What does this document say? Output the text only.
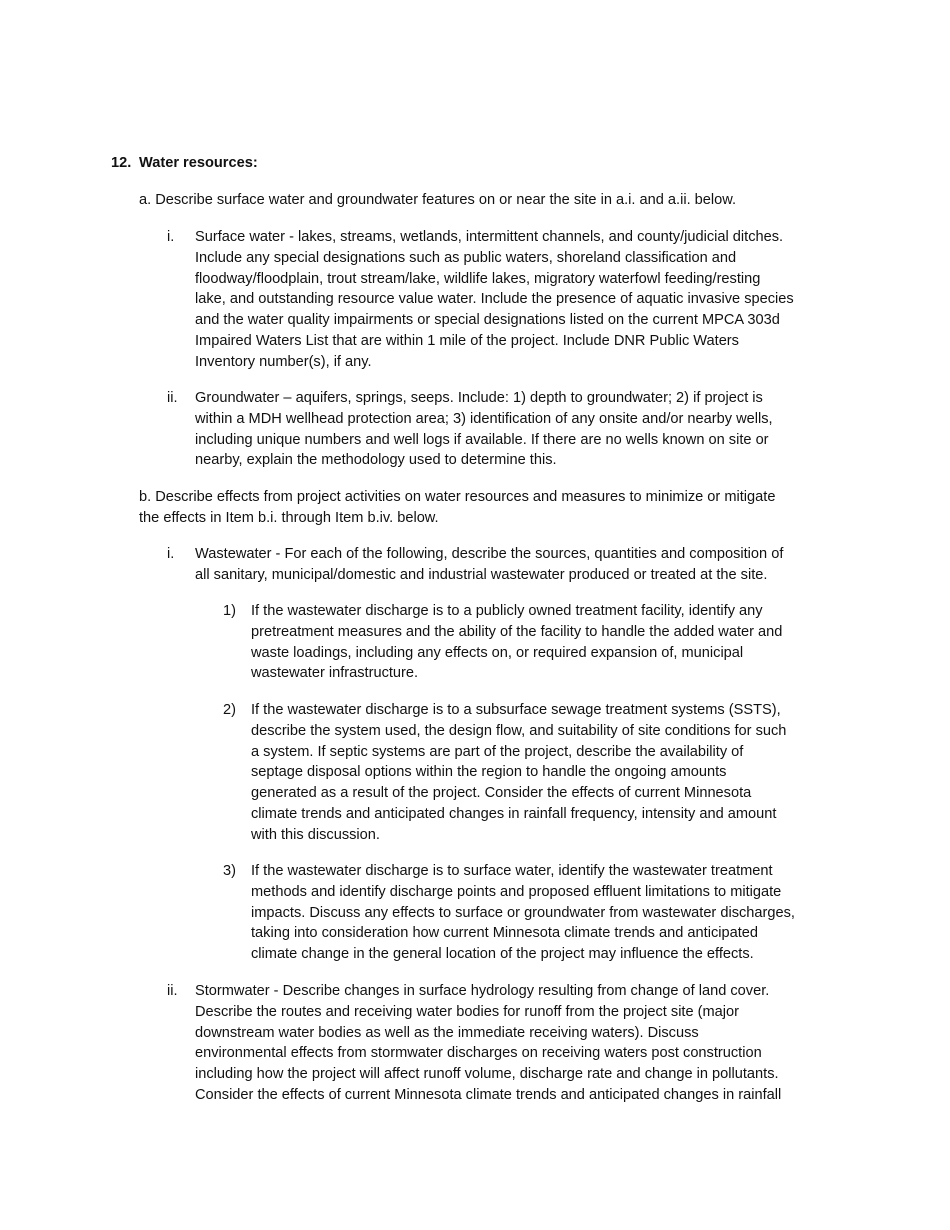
12. Water resources:
a. Describe surface water and groundwater features on or near the site in a.i. and a.ii. below.
i. Surface water - lakes, streams, wetlands, intermittent channels, and county/judicial ditches.
Include any special designations such as public waters, shoreland classification and
floodway/floodplain, trout stream/lake, wildlife lakes, migratory waterfowl feeding/resting
lake, and outstanding resource value water. Include the presence of aquatic invasive species
and the water quality impairments or special designations listed on the current MPCA 303d
Impaired Waters List that are within 1 mile of the project. Include DNR Public Waters
Inventory number(s), if any.
ii. Groundwater – aquifers, springs, seeps. Include: 1) depth to groundwater; 2) if project is
within a MDH wellhead protection area; 3) identification of any onsite and/or nearby wells,
including unique numbers and well logs if available. If there are no wells known on site or
nearby, explain the methodology used to determine this.
b. Describe effects from project activities on water resources and measures to minimize or mitigate
the effects in Item b.i. through Item b.iv. below.
i. Wastewater - For each of the following, describe the sources, quantities and composition of
all sanitary, municipal/domestic and industrial wastewater produced or treated at the site.
1) If the wastewater discharge is to a publicly owned treatment facility, identify any
pretreatment measures and the ability of the facility to handle the added water and
waste loadings, including any effects on, or required expansion of, municipal
wastewater infrastructure.
2) If the wastewater discharge is to a subsurface sewage treatment systems (SSTS),
describe the system used, the design flow, and suitability of site conditions for such
a system. If septic systems are part of the project, describe the availability of
septage disposal options within the region to handle the ongoing amounts
generated as a result of the project. Consider the effects of current Minnesota
climate trends and anticipated changes in rainfall frequency, intensity and amount
with this discussion.
3) If the wastewater discharge is to surface water, identify the wastewater treatment
methods and identify discharge points and proposed effluent limitations to mitigate
impacts. Discuss any effects to surface or groundwater from wastewater discharges,
taking into consideration how current Minnesota climate trends and anticipated
climate change in the general location of the project may influence the effects.
ii. Stormwater - Describe changes in surface hydrology resulting from change of land cover.
Describe the routes and receiving water bodies for runoff from the project site (major
downstream water bodies as well as the immediate receiving waters). Discuss
environmental effects from stormwater discharges on receiving waters post construction
including how the project will affect runoff volume, discharge rate and change in pollutants.
Consider the effects of current Minnesota climate trends and anticipated changes in rainfall
